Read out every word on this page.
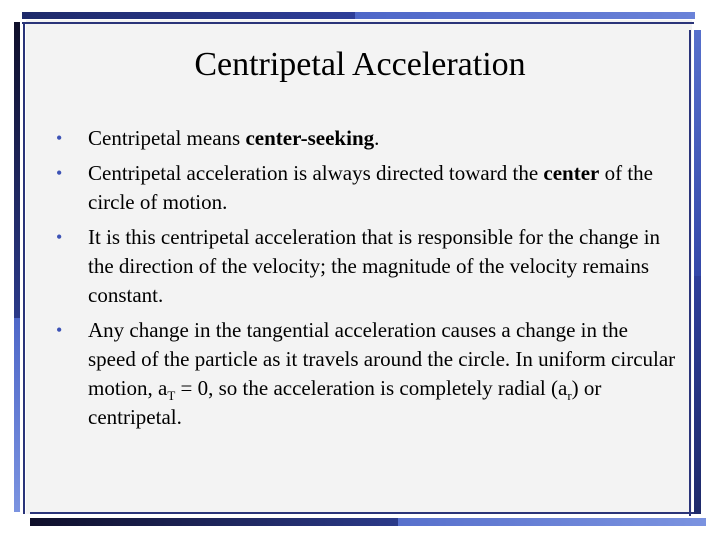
Centripetal Acceleration
• Centripetal means center-seeking.
• Centripetal acceleration is always directed toward the center of the circle of motion.
• It is this centripetal acceleration that is responsible for the change in the direction of the velocity; the magnitude of the velocity remains constant.
• Any change in the tangential acceleration causes a change in the speed of the particle as it travels around the circle. In uniform circular motion, $a_T = 0$, so the acceleration is completely radial $(a_r)$ or centripetal.
